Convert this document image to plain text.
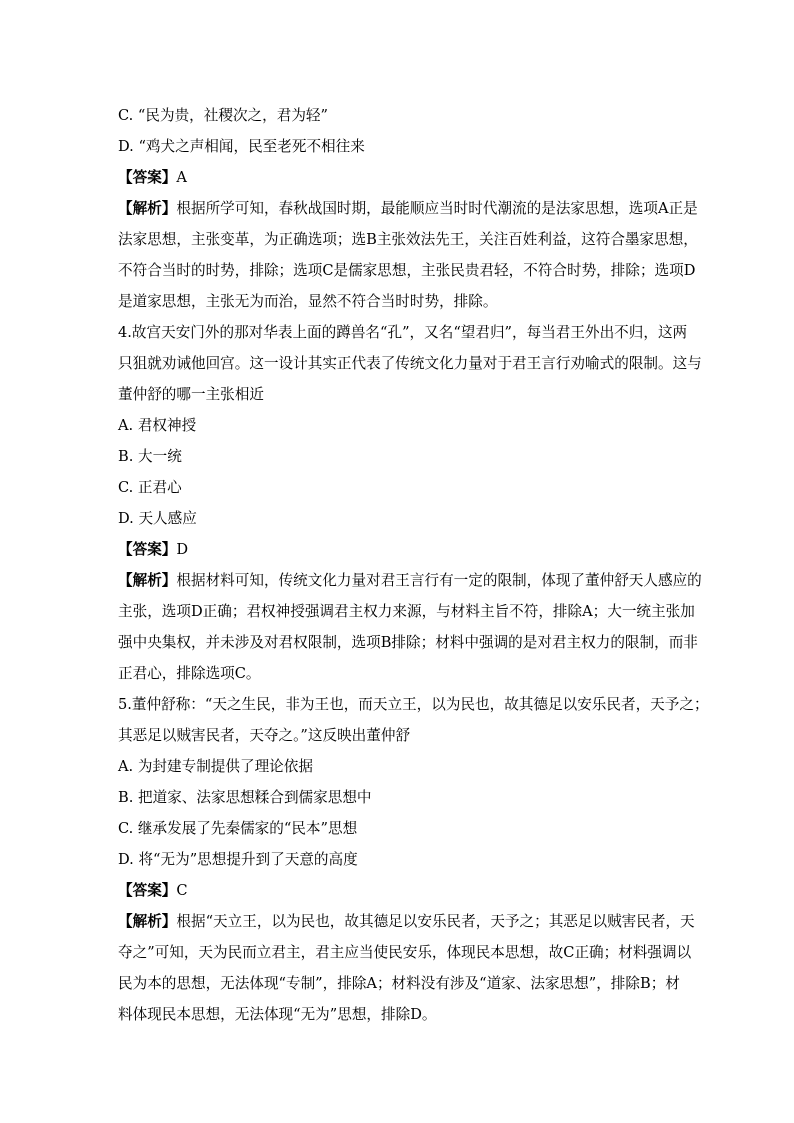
C. “民为贵，社稷次之，君为轻”
D. “鸡犬之声相闻，民至老死不相往来
【答案】A
【解析】根据所学可知，春秋战国时期，最能顺应当时时代潮流的是法家思想，选项A正是
法家思想，主张变革，为正确选项；选B主张效法先王，关注百姓利益，这符合墨家思想，
不符合当时的时势，排除；选项C是儒家思想，主张民贵君轻，不符合时势，排除；选项D
是道家思想，主张无为而治，显然不符合当时时势，排除。
4.故宫天安门外的那对华表上面的蹲兽名“孔”，又名“望君归”，每当君王外出不归，这两
只狙就劝诫他回宫。这一设计其实正代表了传统文化力量对于君王言行劝喻式的限制。这与
董仲舒的哪一主张相近
A. 君权神授
B. 大一统
C. 正君心
D. 天人感应
【答案】D
【解析】根据材料可知，传统文化力量对君王言行有一定的限制，体现了董仲舒天人感应的
主张，选项D正确；君权神授强调君主权力来源，与材料主旨不符，排除A；大一统主张加
强中央集权，并未涉及对君权限制，选项B排除；材料中强调的是对君主权力的限制，而非
正君心，排除选项C。
5.董仲舒称：“天之生民，非为王也，而天立王，以为民也，故其德足以安乐民者，天予之；
其恶足以贼害民者，天夺之。”这反映出董仲舒
A. 为封建专制提供了理论依据
B. 把道家、法家思想糅合到儒家思想中
C. 继承发展了先秦儒家的“民本”思想
D. 将“无为”思想提升到了天意的高度
【答案】C
【解析】根据“天立王，以为民也，故其德足以安乐民者，天予之；其恶足以贼害民者，天
夺之”可知，天为民而立君主，君主应当使民安乐，体现民本思想，故C正确；材料强调以
民为本的思想，无法体现“专制”，排除A；材料没有涉及“道家、法家思想”，排除B；材
料体现民本思想，无法体现“无为”思想，排除D。
